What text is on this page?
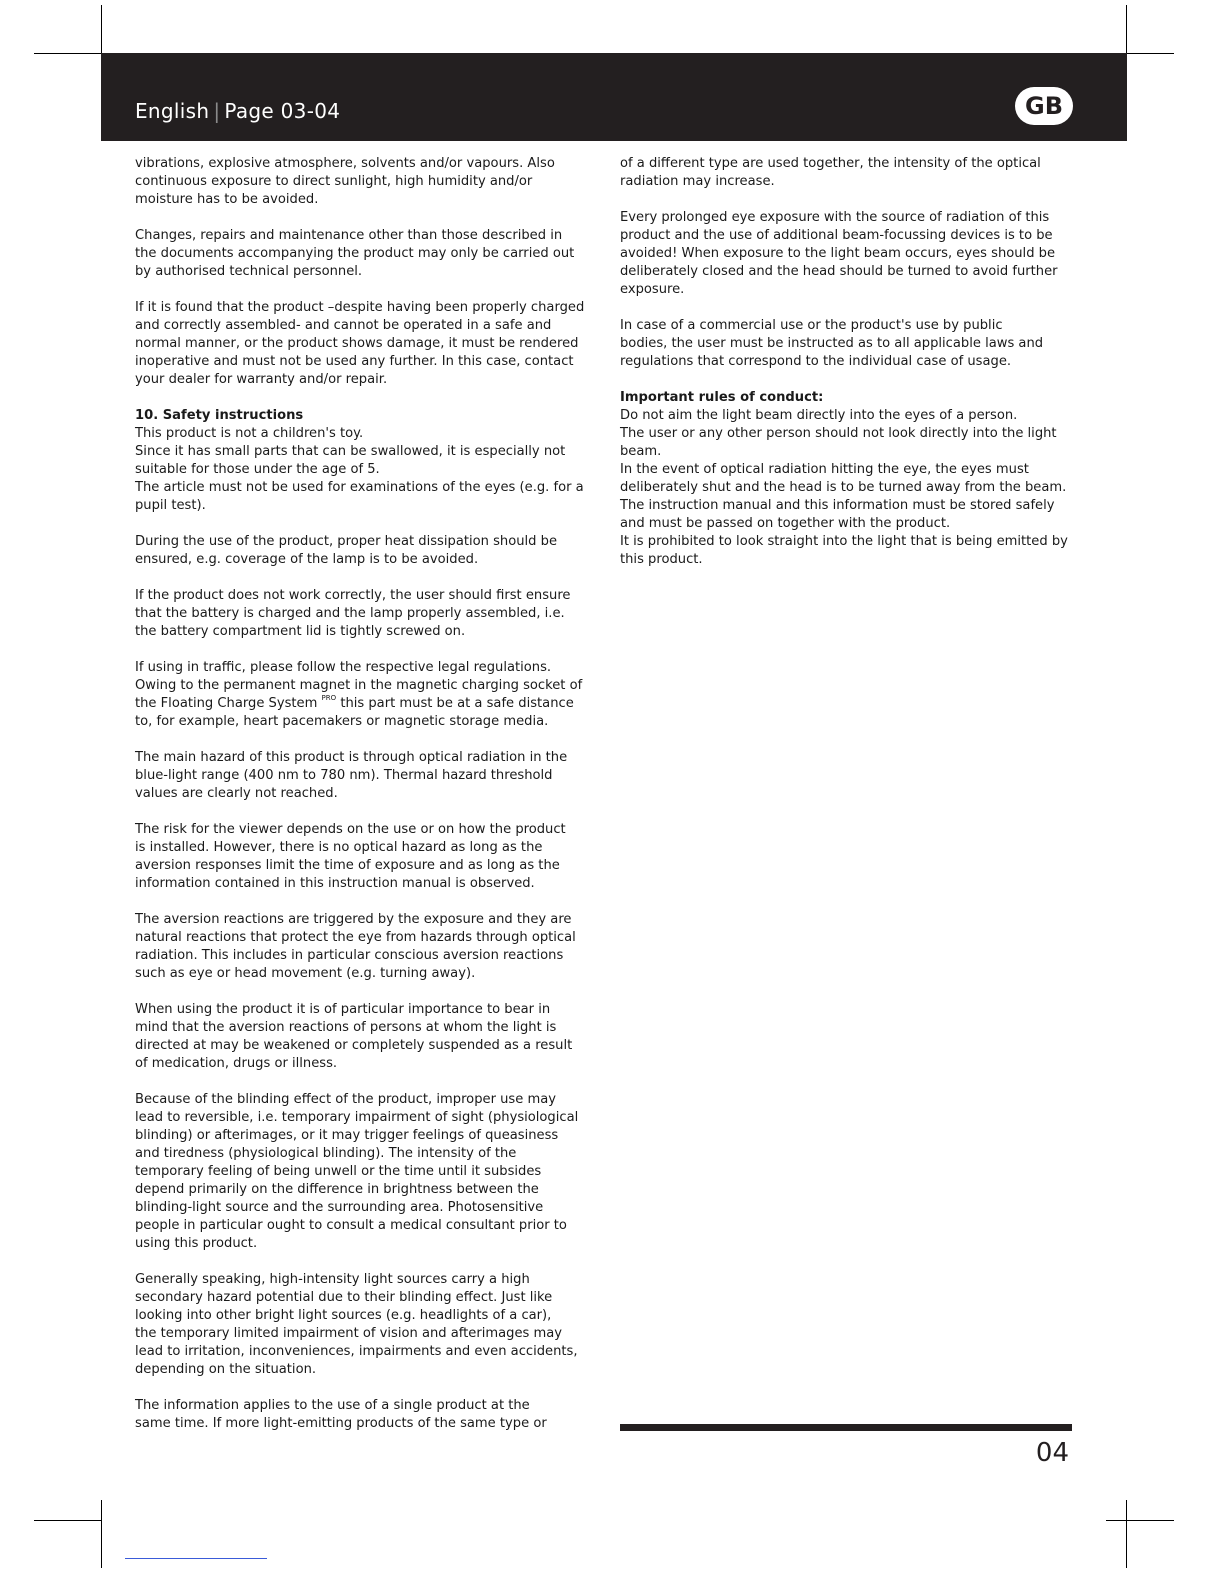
English | Page 03-04	GB

vibrations, explosive atmosphere, solvents and/or vapours. Also
continuous exposure to direct sunlight, high humidity and/or
moisture has to be avoided.

Changes, repairs and maintenance other than those described in
the documents accompanying the product may only be carried out
by authorised technical personnel.

If it is found that the product –despite having been properly charged
and correctly assembled- and cannot be operated in a safe and
normal manner, or the product shows damage, it must be rendered
inoperative and must not be used any further. In this case, contact
your dealer for warranty and/or repair.

10. Safety instructions

This product is not a children's toy.
Since it has small parts that can be swallowed, it is especially not
suitable for those under the age of 5.
The article must not be used for examinations of the eyes (e.g. for a
pupil test).

During the use of the product, proper heat dissipation should be
ensured, e.g. coverage of the lamp is to be avoided.

If the product does not work correctly, the user should first ensure
that the battery is charged and the lamp properly assembled, i.e.
the battery compartment lid is tightly screwed on.

If using in traffic, please follow the respective legal regulations.
Owing to the permanent magnet in the magnetic charging socket of
the Floating Charge System $^{PRO}$ this part must be at a safe distance
to, for example, heart pacemakers or magnetic storage media.

The main hazard of this product is through optical radiation in the
blue-light range (400 nm to 780 nm). Thermal hazard threshold
values are clearly not reached.

The risk for the viewer depends on the use or on how the product
is installed. However, there is no optical hazard as long as the
aversion responses limit the time of exposure and as long as the
information contained in this instruction manual is observed.

The aversion reactions are triggered by the exposure and they are
natural reactions that protect the eye from hazards through optical
radiation. This includes in particular conscious aversion reactions
such as eye or head movement (e.g. turning away).

When using the product it is of particular importance to bear in
mind that the aversion reactions of persons at whom the light is
directed at may be weakened or completely suspended as a result
of medication, drugs or illness.

Because of the blinding effect of the product, improper use may
lead to reversible, i.e. temporary impairment of sight (physiological
blinding) or afterimages, or it may trigger feelings of queasiness
and tiredness (physiological blinding). The intensity of the
temporary feeling of being unwell or the time until it subsides
depend primarily on the difference in brightness between the
blinding-light source and the surrounding area. Photosensitive
people in particular ought to consult a medical consultant prior to
using this product.

Generally speaking, high-intensity light sources carry a high
secondary hazard potential due to their blinding effect. Just like
looking into other bright light sources (e.g. headlights of a car),
the temporary limited impairment of vision and afterimages may
lead to irritation, inconveniences, impairments and even accidents,
depending on the situation.

The information applies to the use of a single product at the
same time. If more light-emitting products of the same type or

of a different type are used together, the intensity of the optical
radiation may increase.

Every prolonged eye exposure with the source of radiation of this
product and the use of additional beam-focussing devices is to be
avoided! When exposure to the light beam occurs, eyes should be
deliberately closed and the head should be turned to avoid further
exposure.

In case of a commercial use or the product's use by public
bodies, the user must be instructed as to all applicable laws and
regulations that correspond to the individual case of usage.

Important rules of conduct:

Do not aim the light beam directly into the eyes of a person.
The user or any other person should not look directly into the light
beam.
In the event of optical radiation hitting the eye, the eyes must
deliberately shut and the head is to be turned away from the beam.
The instruction manual and this information must be stored safely
and must be passed on together with the product.
It is prohibited to look straight into the light that is being emitted by
this product.

04
